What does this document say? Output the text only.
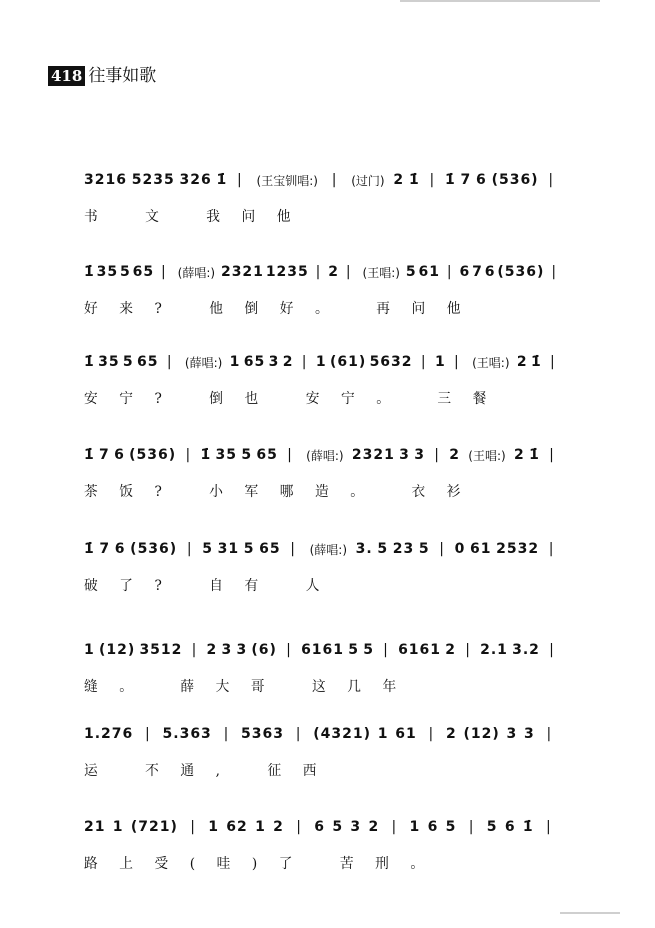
418 往事如歌
3216 5235 326 1̇ | (王宝钏唱:) | (过门) 2 1̇ | 1̇ 7 6 (536) |
书 文 我问他
1̇ 35 5 65 | (薛唱:) 2321 1235 | 2 | (王唱:) 5 61 | 6 7 6 (536) |
好来? 他倒好。 再问他
1̇ 35 5 65 | (薛唱:) 1 65 3 2 | 1 (61) 5632 | 1 | (王唱:) 2 1̇ |
安宁? 倒也 安宁。 三餐
1̇ 7 6 (536) | 1̇ 35 5 65 | (薛唱:) 2321 3 3 | 2 (王唱:) 2 1̇ |
茶饭? 小军哪造。 衣衫
1̇ 7 6 (536) | 5 31 5 65 | (薛唱:) 3. 5 23 5 | 0 61 2532 |
破了? 自有 人
1 (12) 3512 | 2 3 3 (6) | 6161 5 5 | 6161 2 | 2.1 3.2 |
缝。 薛大哥 这几年
1.276 | 5.363 | 5363 | (4321) 1 61 | 2 (12) 3 3 |
运 不通, 征西
21 1 (721) | 1 62 1 2 | 6 5 3 2 | 1 6 5 | 5 6 1̇ |
路上受(哇)了 苦刑。
